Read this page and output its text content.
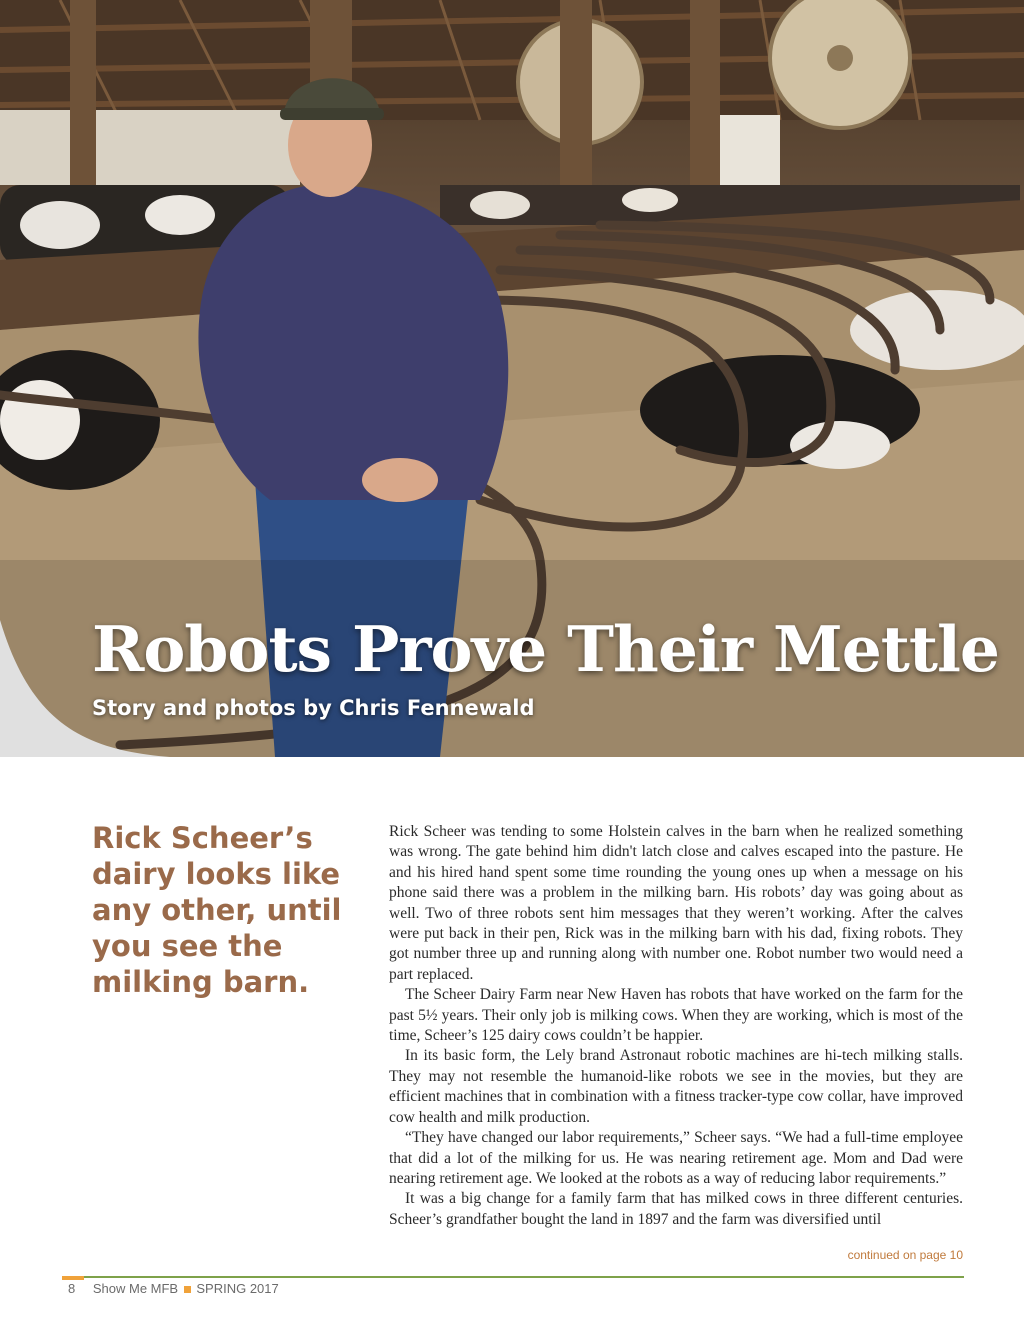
Robots Prove Their Mettle

Story and photos by Chris Fennewald

Rick Scheer’s dairy looks like any other, until you see the milking barn.

Rick Scheer was tending to some Holstein calves in the barn when he realized something was wrong. The gate behind him didn't latch close and calves escaped into the pasture. He and his hired hand spent some time rounding the young ones up when a message on his phone said there was a problem in the milking barn. His robots’ day was going about as well. Two of three robots sent him messages that they weren’t working. After the calves were put back in their pen, Rick was in the milking barn with his dad, fixing robots. They got number three up and running along with number one. Robot number two would need a part replaced.

The Scheer Dairy Farm near New Haven has robots that have worked on the farm for the past 5½ years. Their only job is milking cows. When they are working, which is most of the time, Scheer’s 125 dairy cows couldn’t be happier.

In its basic form, the Lely brand Astronaut robotic machines are hi-tech milking stalls. They may not resemble the humanoid-like robots we see in the movies, but they are efficient machines that in combination with a fitness tracker-type cow collar, have improved cow health and milk production.

“They have changed our labor requirements,” Scheer says. “We had a full-time employee that did a lot of the milking for us. He was nearing retirement age. Mom and Dad were nearing retirement age. We looked at the robots as a way of reducing labor requirements.”

It was a big change for a family farm that has milked cows in three different centuries. Scheer’s grandfather bought the land in 1897 and the farm was diversified until

continued on page 10
8 Show Me MFB SPRING 2017
